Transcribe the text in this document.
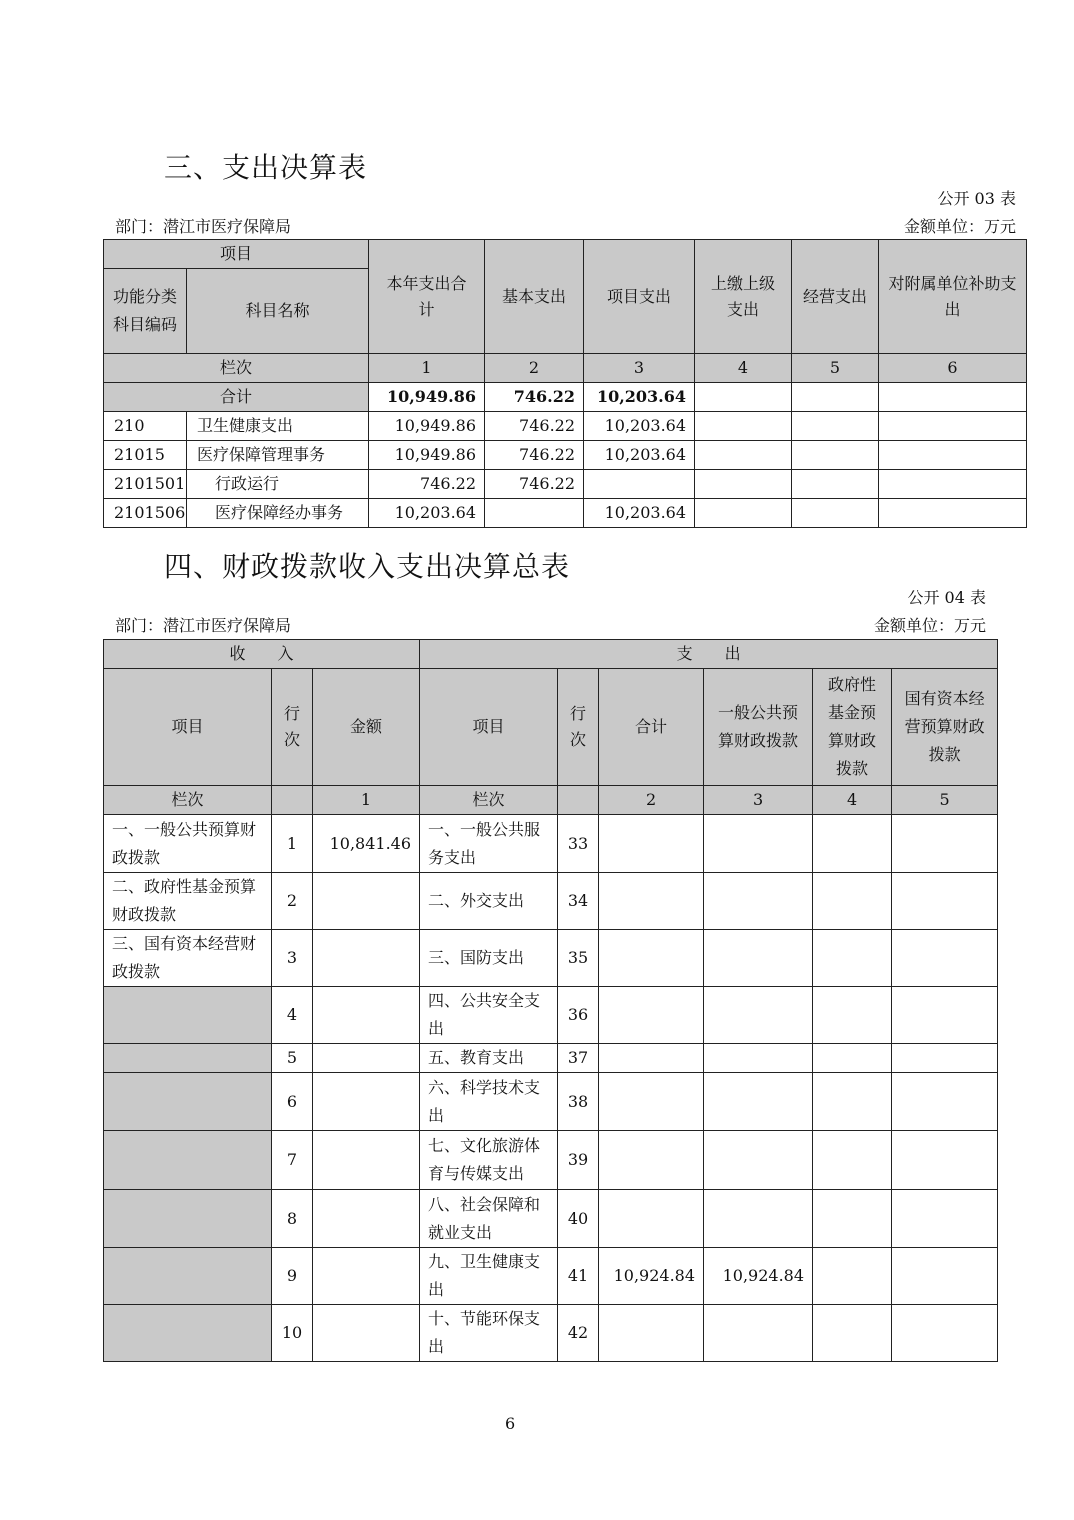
三、支出决算表
公开 03 表
部门：潜江市医疗保障局	金额单位：万元
项目		本年支出合计	基本支出	项目支出	上缴上级支出	经营支出	对附属单位补助支出
功能分类科目编码	科目名称						
栏次		1	2	3	4	5	6
合计		10,949.86	746.22	10,203.64			
210	卫生健康支出	10,949.86	746.22	10,203.64			
21015	医疗保障管理事务	10,949.86	746.22	10,203.64			
2101501	行政运行	746.22	746.22				
2101506	医疗保障经办事务	10,203.64		10,203.64			
四、财政拨款收入支出决算总表
公开 04 表
部门：潜江市医疗保障局	金额单位：万元
收　　入			支　　出					
项目	行次	金额	项目	行次	合计	一般公共预算财政拨款	政府性基金预算财政拨款	国有资本经营预算财政拨款
栏次		1	栏次		2	3	4	5
一、一般公共预算财政拨款	1	10,841.46	一、一般公共服务支出	33				
二、政府性基金预算财政拨款	2		二、外交支出	34				
三、国有资本经营财政拨款	3		三、国防支出	35				
	4		四、公共安全支出	36				
	5		五、教育支出	37				
	6		六、科学技术支出	38				
	7		七、文化旅游体育与传媒支出	39				
	8		八、社会保障和就业支出	40				
	9		九、卫生健康支出	41	10,924.84	10,924.84		
	10		十、节能环保支出	42				
6
